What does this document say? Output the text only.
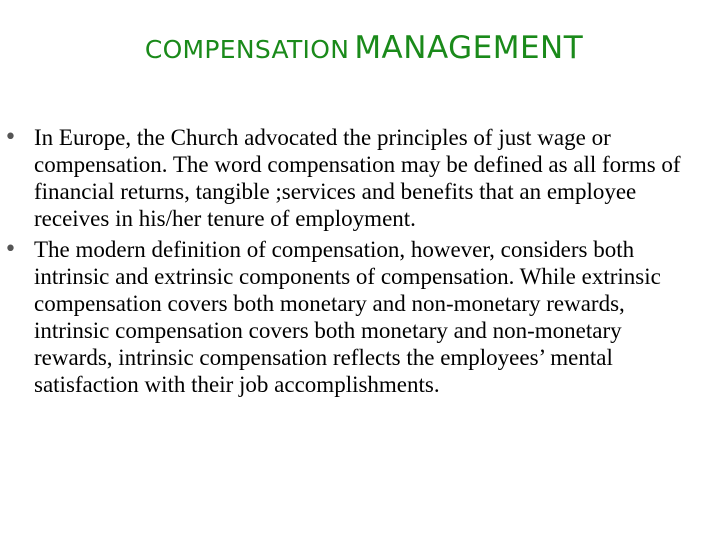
COMPENSATION MANAGEMENT
• In Europe, the Church advocated the principles of just wage or compensation. The word compensation may be defined as all forms of financial returns, tangible ;services and benefits that an employee receives in his/her tenure of employment.
• The modern definition of compensation, however, considers both intrinsic and extrinsic components of compensation. While extrinsic compensation covers both monetary and non-monetary rewards, intrinsic compensation covers both monetary and non-monetary rewards, intrinsic compensation reflects the employees’ mental satisfaction with their job accomplishments.
